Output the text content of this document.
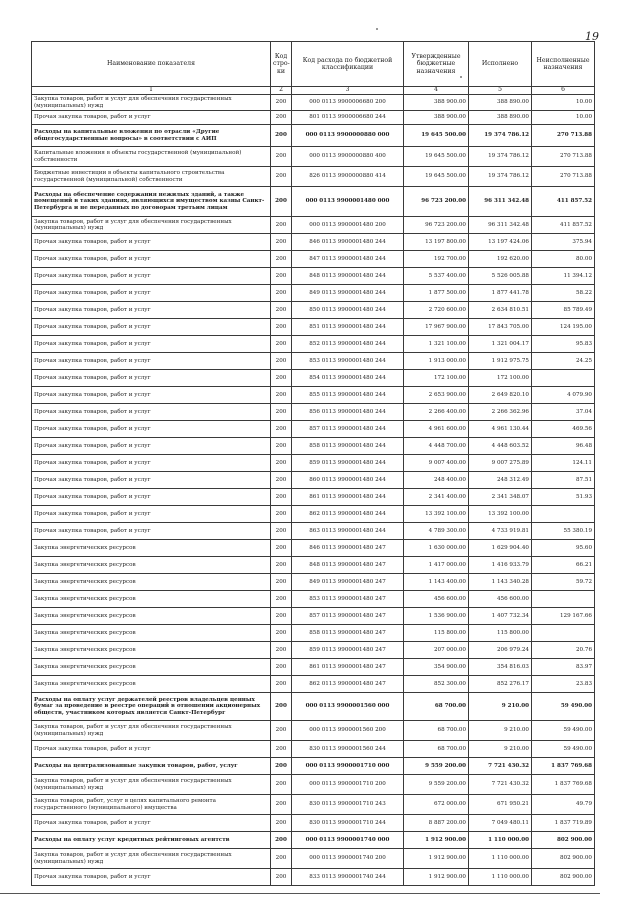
19
Наименование показателя	Код стро- ки	Код расхода по бюджетной классификации	Утвержденные бюджетные назначения	Исполнено	Неисполненные назначения
1	2	3	4	5	6
Закупка товаров, работ и услуг для обеспечения государственных (муниципальных) нужд	200	000 0113 9900006680 200	388 900.00	388 890.00	10.00
Прочая закупка товаров, работ и услуг	200	801 0113 9900006680 244	388 900.00	388 890.00	10.00
Расходы на капитальные вложения по отрасли «Другие общегосударственные вопросы» в соответствии с АИП	200	000 0113 9900000880 000	19 645 500.00	19 374 786.12	270 713.88
Капитальные вложения в объекты государственной (муниципальной) собственности	200	000 0113 9900000880 400	19 645 500.00	19 374 786.12	270 713.88
Бюджетные инвестиции в объекты капитального строительства государственной (муниципальной) собственности	200	826 0113 9900000880 414	19 645 500.00	19 374 786.12	270 713.88
Расходы на обеспечение содержания нежилых зданий, а также помещений в таких зданиях, являющихся имуществом казны Санкт-Петербурга и не переданных по договорам третьим лицам	200	000 0113 9900001480 000	96 723 200.00	96 311 342.48	411 857.52
Закупка товаров, работ и услуг для обеспечения государственных (муниципальных) нужд	200	000 0113 9900001480 200	96 723 200.00	96 311 342.48	411 857.52
Прочая закупка товаров, работ и услуг	200	846 0113 9900001480 244	13 197 800.00	13 197 424.06	375.94
Прочая закупка товаров, работ и услуг	200	847 0113 9900001480 244	192 700.00	192 620.00	80.00
Прочая закупка товаров, работ и услуг	200	848 0113 9900001480 244	5 537 400.00	5 526 005.88	11 394.12
Прочая закупка товаров, работ и услуг	200	849 0113 9900001480 244	1 877 500.00	1 877 441.78	58.22
Прочая закупка товаров, работ и услуг	200	850 0113 9900001480 244	2 720 600.00	2 634 810.51	85 789.49
Прочая закупка товаров, работ и услуг	200	851 0113 9900001480 244	17 967 900.00	17 843 705.00	124 195.00
Прочая закупка товаров, работ и услуг	200	852 0113 9900001480 244	1 321 100.00	1 321 004.17	95.83
Прочая закупка товаров, работ и услуг	200	853 0113 9900001480 244	1 913 000.00	1 912 975.75	24.25
Прочая закупка товаров, работ и услуг	200	854 0113 9900001480 244	172 100.00	172 100.00	
Прочая закупка товаров, работ и услуг	200	855 0113 9900001480 244	2 653 900.00	2 649 820.10	4 079.90
Прочая закупка товаров, работ и услуг	200	856 0113 9900001480 244	2 266 400.00	2 266 362.96	37.04
Прочая закупка товаров, работ и услуг	200	857 0113 9900001480 244	4 961 600.00	4 961 130.44	469.56
Прочая закупка товаров, работ и услуг	200	858 0113 9900001480 244	4 448 700.00	4 448 603.52	96.48
Прочая закупка товаров, работ и услуг	200	859 0113 9900001480 244	9 007 400.00	9 007 275.89	124.11
Прочая закупка товаров, работ и услуг	200	860 0113 9900001480 244	248 400.00	248 312.49	87.51
Прочая закупка товаров, работ и услуг	200	861 0113 9900001480 244	2 341 400.00	2 341 348.07	51.93
Прочая закупка товаров, работ и услуг	200	862 0113 9900001480 244	13 392 100.00	13 392 100.00	
Прочая закупка товаров, работ и услуг	200	863 0113 9900001480 244	4 789 300.00	4 733 919.81	55 380.19
Закупка энергетических ресурсов	200	846 0113 9900001480 247	1 630 000.00	1 629 904.40	95.60
Закупка энергетических ресурсов	200	848 0113 9900001480 247	1 417 000.00	1 416 933.79	66.21
Закупка энергетических ресурсов	200	849 0113 9900001480 247	1 143 400.00	1 143 340.28	59.72
Закупка энергетических ресурсов	200	853 0113 9900001480 247	456 600.00	456 600.00	
Закупка энергетических ресурсов	200	857 0113 9900001480 247	1 536 900.00	1 407 732.34	129 167.66
Закупка энергетических ресурсов	200	858 0113 9900001480 247	115 800.00	115 800.00	
Закупка энергетических ресурсов	200	859 0113 9900001480 247	207 000.00	206 979.24	20.76
Закупка энергетических ресурсов	200	861 0113 9900001480 247	354 900.00	354 816.03	83.97
Закупка энергетических ресурсов	200	862 0113 9900001480 247	852 300.00	852 276.17	23.83
Расходы на оплату услуг держателей реестров владельцев ценных бумаг за проведение в реестре операций в отношении акционерных обществ, участником которых является Санкт-Петербург	200	000 0113 9900001560 000	68 700.00	9 210.00	59 490.00
Закупка товаров, работ и услуг для обеспечения государственных (муниципальных) нужд	200	000 0113 9900001560 200	68 700.00	9 210.00	59 490.00
Прочая закупка товаров, работ и услуг	200	830 0113 9900001560 244	68 700.00	9 210.00	59 490.00
Расходы на централизованные закупки товаров, работ, услуг	200	000 0113 9900001710 000	9 559 200.00	7 721 430.32	1 837 769.68
Закупка товаров, работ и услуг для обеспечения государственных (муниципальных) нужд	200	000 0113 9900001710 200	9 559 200.00	7 721 430.32	1 837 769.68
Закупка товаров, работ, услуг в целях капитального ремонта государственного (муниципального) имущества	200	830 0113 9900001710 243	672 000.00	671 950.21	49.79
Прочая закупка товаров, работ и услуг	200	830 0113 9900001710 244	8 887 200.00	7 049 480.11	1 837 719.89
Расходы на оплату услуг кредитных рейтинговых агентств	200	000 0113 9900001740 000	1 912 900.00	1 110 000.00	802 900.00
Закупка товаров, работ и услуг для обеспечения государственных (муниципальных) нужд	200	000 0113 9900001740 200	1 912 900.00	1 110 000.00	802 900.00
Прочая закупка товаров, работ и услуг	200	833 0113 9900001740 244	1 912 900.00	1 110 000.00	802 900.00
